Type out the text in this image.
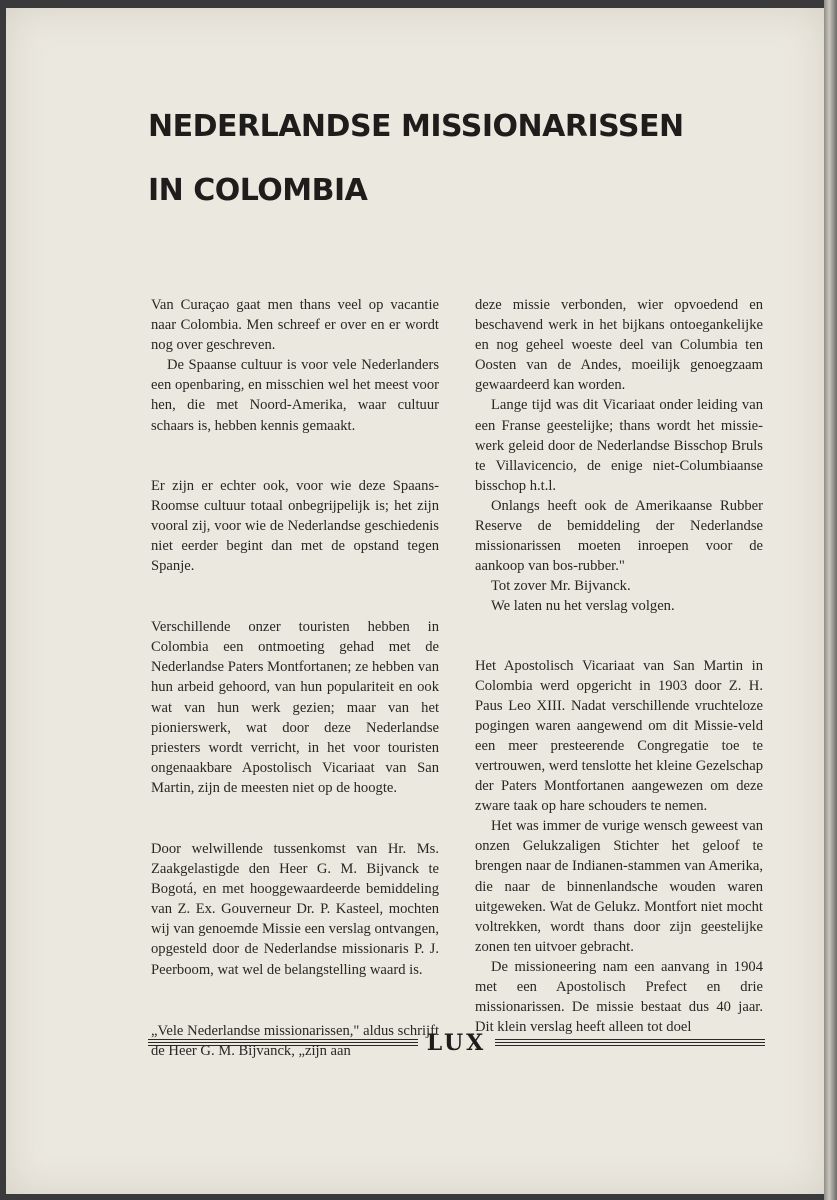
NEDERLANDSE MISSIONARISSEN
IN COLOMBIA

Van Curaçao gaat men thans veel op vacantie naar Colombia. Men schreef er over en er wordt nog over geschreven.

De Spaanse cultuur is voor vele Nederlanders een openbaring, en misschien wel het meest voor hen, die met Noord-Amerika, waar cultuur schaars is, hebben kennis gemaakt.

Er zijn er echter ook, voor wie deze Spaans-Roomse cultuur totaal onbegrijpelijk is; het zijn vooral zij, voor wie de Nederlandse geschiedenis niet eerder begint dan met de opstand tegen Spanje.

Verschillende onzer touristen hebben in Colombia een ontmoeting gehad met de Nederlandse Paters Montfortanen; ze hebben van hun arbeid gehoord, van hun populariteit en ook wat van hun werk gezien; maar van het pionierswerk, wat door deze Nederlandse priesters wordt verricht, in het voor touristen ongenaakbare Apostolisch Vicariaat van San Martin, zijn de meesten niet op de hoogte.

Door welwillende tussenkomst van Hr. Ms. Zaakgelastigde den Heer G. M. Bijvanck te Bogotá, en met hooggewaardeerde bemiddeling van Z. Ex. Gouverneur Dr. P. Kasteel, mochten wij van genoemde Missie een verslag ontvangen, opgesteld door de Nederlandse missionaris P. J. Peerboom, wat wel de belangstelling waard is.

„Vele Nederlandse missionarissen," aldus schrijft de Heer G. M. Bijvanck, „zijn aan

deze missie verbonden, wier opvoedend en beschavend werk in het bijkans ontoegankelijke en nog geheel woeste deel van Columbia ten Oosten van de Andes, moeilijk genoegzaam gewaardeerd kan worden.

Lange tijd was dit Vicariaat onder leiding van een Franse geestelijke; thans wordt het missie-werk geleid door de Nederlandse Bisschop Bruls te Villavicencio, de enige niet-Columbiaanse bisschop h.t.l.

Onlangs heeft ook de Amerikaanse Rubber Reserve de bemiddeling der Nederlandse missionarissen moeten inroepen voor de aankoop van bos-rubber."

Tot zover Mr. Bijvanck.

We laten nu het verslag volgen.

Het Apostolisch Vicariaat van San Martin in Colombia werd opgericht in 1903 door Z. H. Paus Leo XIII. Nadat verschillende vruchteloze pogingen waren aangewend om dit Missie-veld een meer presteerende Congregatie toe te vertrouwen, werd tenslotte het kleine Gezelschap der Paters Montfortanen aangewezen om deze zware taak op hare schouders te nemen.

Het was immer de vurige wensch geweest van onzen Gelukzaligen Stichter het geloof te brengen naar de Indianen-stammen van Amerika, die naar de binnenlandsche wouden waren uitgeweken. Wat de Gelukz. Montfort niet mocht voltrekken, wordt thans door zijn geestelijke zonen ten uitvoer gebracht.

De missioneering nam een aanvang in 1904 met een Apostolisch Prefect en drie missionarissen. De missie bestaat dus 40 jaar. Dit klein verslag heeft alleen tot doel

LUX
